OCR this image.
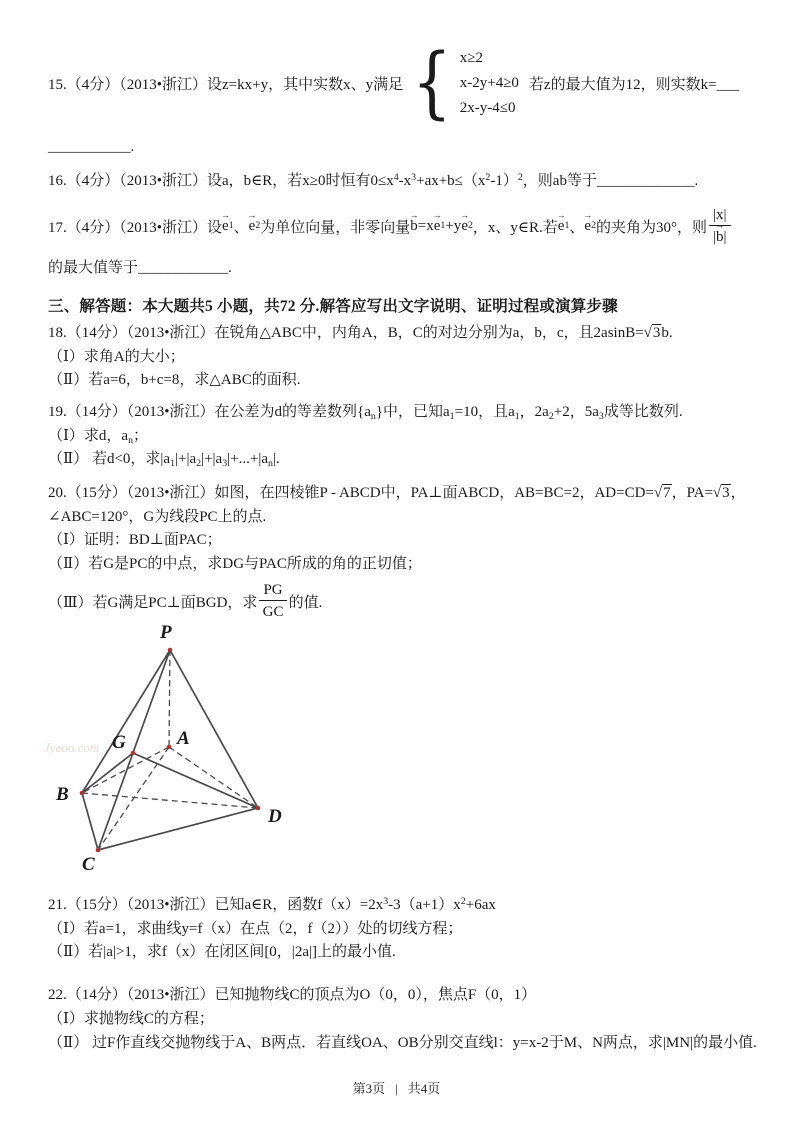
15.（4分）（2013•浙江）设z=kx+y，其中实数x、y满足 { x≥2
x-2y+4≥0
2x-y-4≤0
若z的最大值为12，则实数k=___
___________.
16.（4分）（2013•浙江）设a，b∈R，若x≥0时恒有$0\le x^4-x^3+ax+b\le(x^2-1)^2$，则ab等于_____________.
17.（4分）（2013•浙江）设 e → 1 、 e → 2 为单位向量，非零向量 b → =x e → 1 +y e → 2 ，x、y∈R.若 e → 1 、 e → 2 的夹角为30°，则 $\frac{|x|}{|b \to|}$
的最大值等于____________.
三、解答题：本大题共5 小题，共72 分.解答应写出文字说明、证明过程或演算步骤
18.（14分）（2013•浙江）在锐角△ABC中，内角A，B，C的对边分别为a，b，c，且2asinB=√3b.
（Ⅰ）求角A的大小；
（Ⅱ）若a=6，b+c=8，求△ABC的面积.
19.（14分）（2013•浙江）在公差为d的等差数列$\{a_n\}$中，已知$a_1=10$，且$a_1$，$2a_2+2$，$5a_3$成等比数列.
（Ⅰ）求d，$a_n$；
（Ⅱ） 若d<0，求$|a_1|+|a_2|+|a_3|+...+|a_n|$.
20.（15分）（2013•浙江）如图，在四棱锥P - ABCD中，PA⊥面ABCD，AB=BC=2，AD=CD=√7，PA=√3，
∠ABC=120°，G为线段PC上的点.
（Ⅰ）证明：BD⊥面PAC；
（Ⅱ）若G是PC的中点，求DG与PAC所成的角的正切值；
（Ⅲ）若G满足PC⊥面BGD，求 $\frac{PG}{GC}$ 的值.
Jyeoo.com
P
A
G
B
C
D
21.（15分）（2013•浙江）已知a∈R，函数$f(x)=2x^3-3(a+1)x^2+6ax$
（Ⅰ）若a=1，求曲线y=f（x）在点（2，f（2））处的切线方程；
（Ⅱ）若|a|>1，求f（x）在闭区间[0，|2a|]上的最小值.
22.（14分）（2013•浙江）已知抛物线C的顶点为O（0，0），焦点F（0，1）
（Ⅰ）求抛物线C的方程；
（Ⅱ） 过F作直线交抛物线于A、B两点．若直线OA、OB分别交直线l：y=x-2于M、N两点，求|MN|的最小值.
第3页 | 共4页
